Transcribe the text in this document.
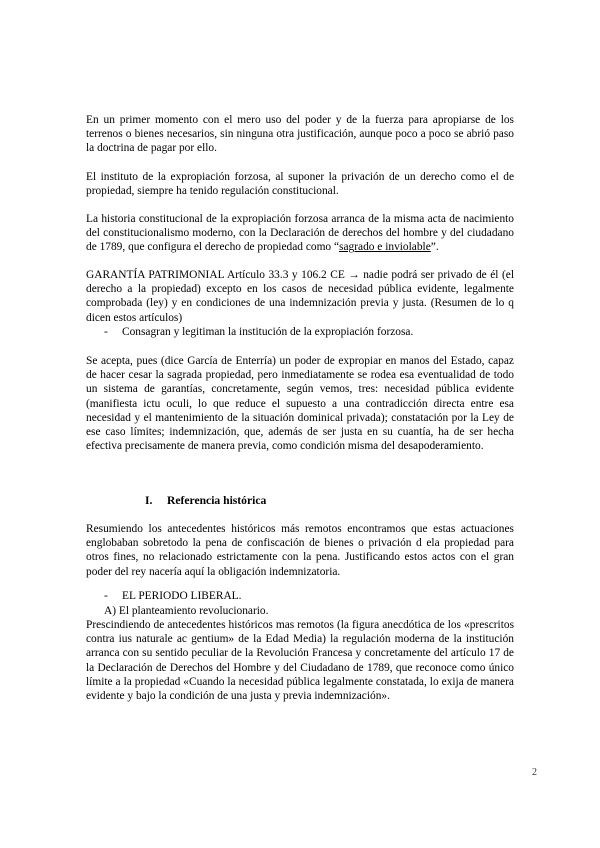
En un primer momento con el mero uso del poder y de la fuerza para apropiarse de los terrenos o bienes necesarios, sin ninguna otra justificación, aunque poco a poco se abrió paso la doctrina de pagar por ello.

El instituto de la expropiación forzosa, al suponer la privación de un derecho como el de propiedad, siempre ha tenido regulación constitucional.

La historia constitucional de la expropiación forzosa arranca de la misma acta de nacimiento del constitucionalismo moderno, con la Declaración de derechos del hombre y del ciudadano de 1789, que configura el derecho de propiedad como “sagrado e inviolable”.

GARANTÍA PATRIMONIAL Artículo 33.3 y 106.2 CE → nadie podrá ser privado de él (el derecho a la propiedad) excepto en los casos de necesidad pública evidente, legalmente comprobada (ley) y en condiciones de una indemnización previa y justa. (Resumen de lo q dicen estos artículos)

- Consagran y legitiman la institución de la expropiación forzosa.

Se acepta, pues (dice García de Enterría) un poder de expropiar en manos del Estado, capaz de hacer cesar la sagrada propiedad, pero inmediatamente se rodea esa eventualidad de todo un sistema de garantías, concretamente, según vemos, tres: necesidad pública evidente (manifiesta ictu oculi, lo que reduce el supuesto a una contradicción directa entre esa necesidad y el mantenimiento de la situación dominical privada); constatación por la Ley de ese caso límites; indemnización, que, además de ser justa en su cuantía, ha de ser hecha efectiva precisamente de manera previa, como condición misma del desapoderamiento.

I. Referencia histórica

Resumiendo los antecedentes históricos más remotos encontramos que estas actuaciones englobaban sobretodo la pena de confiscación de bienes o privación d ela propiedad para otros fines, no relacionado estrictamente con la pena. Justificando estos actos con el gran poder del rey nacería aquí la obligación indemnizatoria.

- EL PERIODO LIBERAL.

A) El planteamiento revolucionario.

Prescindiendo de antecedentes históricos mas remotos (la figura anecdótica de los «prescritos contra ius naturale ac gentium» de la Edad Media) la regulación moderna de la institución arranca con su sentido peculiar de la Revolución Francesa y concretamente del artículo 17 de la Declaración de Derechos del Hombre y del Ciudadano de 1789, que reconoce como único límite a la propiedad «Cuando la necesidad pública legalmente constatada, lo exija de manera evidente y bajo la condición de una justa y previa indemnización».

2
